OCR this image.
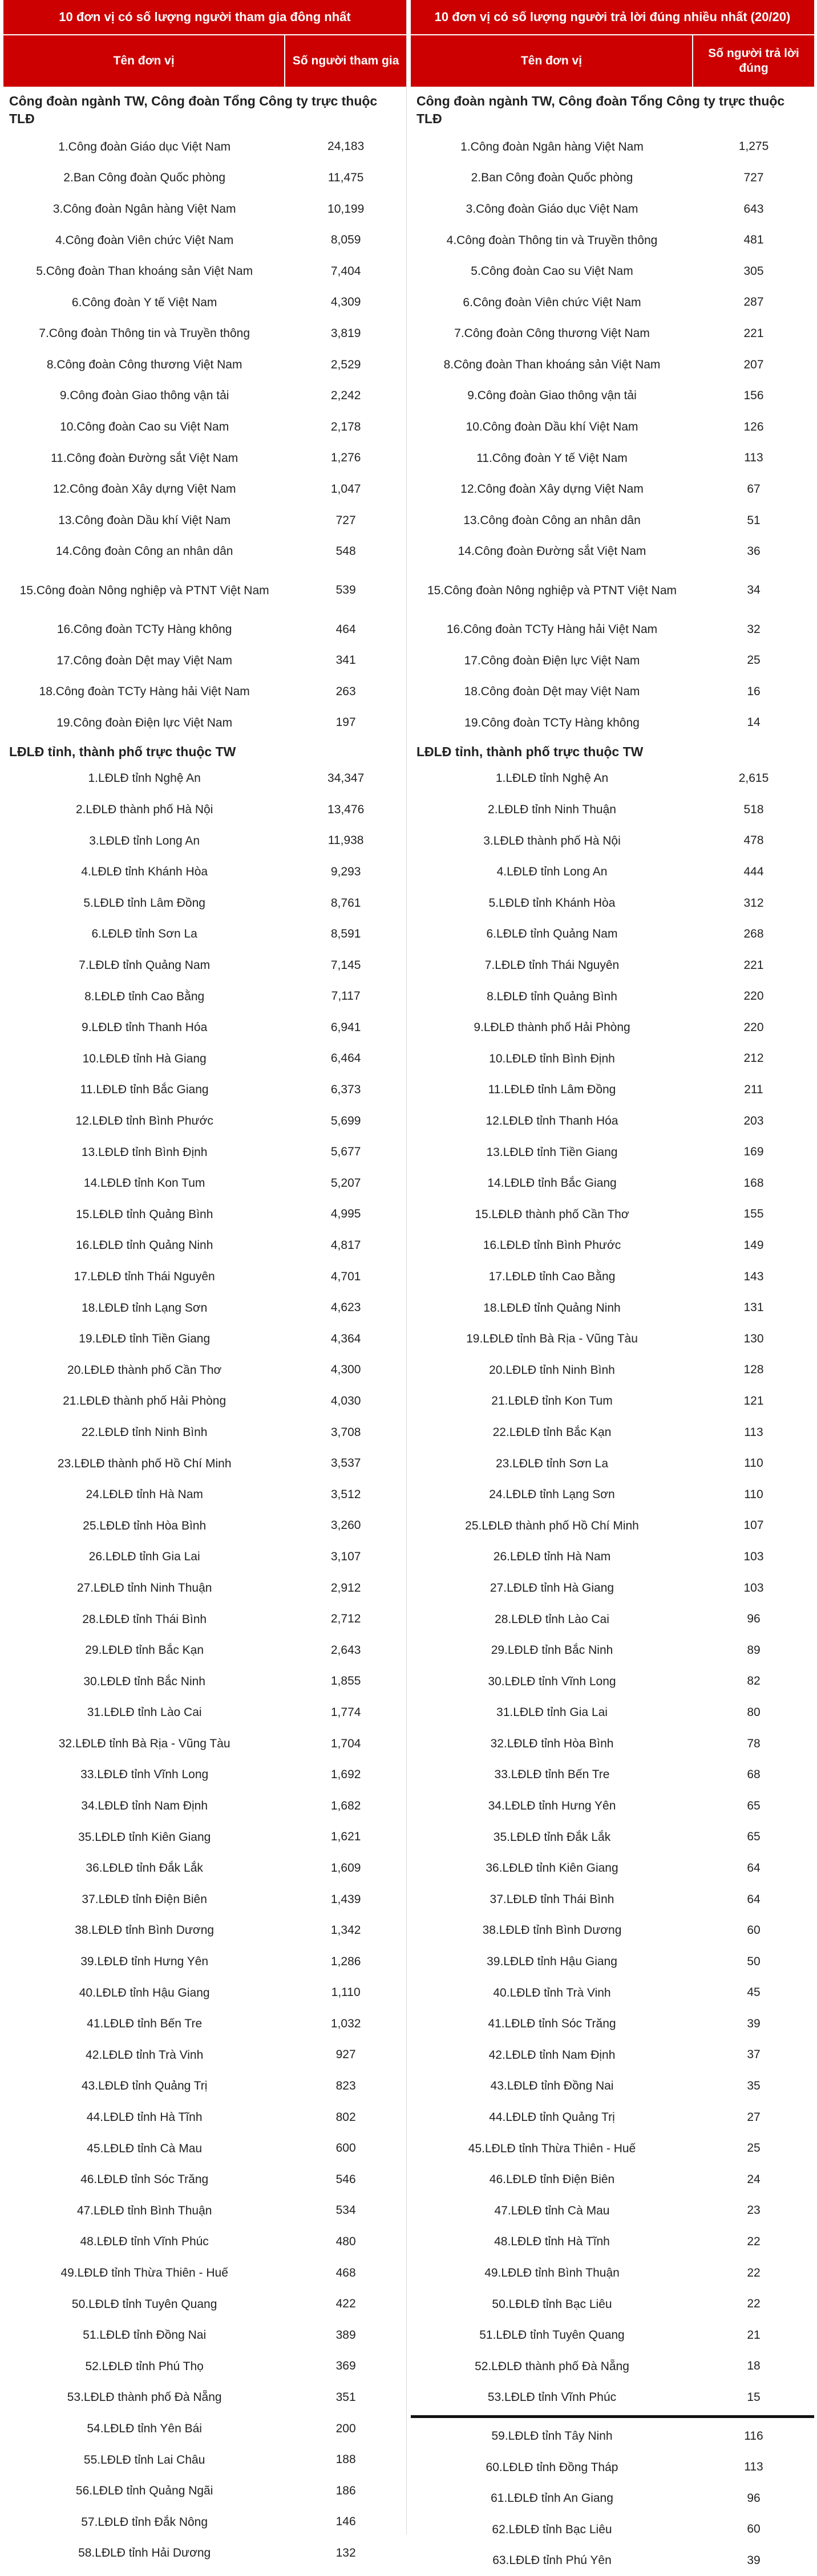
10 đơn vị có số lượng người tham gia đông nhất
Tên đơn vị	Số người tham gia
Công đoàn ngành TW, Công đoàn Tổng Công ty trực thuộc TLĐ
1.Công đoàn Giáo dục Việt Nam	24,183
2.Ban Công đoàn Quốc phòng	11,475
3.Công đoàn Ngân hàng Việt Nam	10,199
4.Công đoàn Viên chức Việt Nam	8,059
5.Công đoàn Than khoáng sản Việt Nam	7,404
6.Công đoàn Y tế Việt Nam	4,309
7.Công đoàn Thông tin và Truyền thông	3,819
8.Công đoàn Công thương Việt Nam	2,529
9.Công đoàn Giao thông vận tải	2,242
10.Công đoàn Cao su Việt Nam	2,178
11.Công đoàn Đường sắt Việt Nam	1,276
12.Công đoàn Xây dựng Việt Nam	1,047
13.Công đoàn Dầu khí Việt Nam	727
14.Công đoàn Công an nhân dân	548
15.Công đoàn Nông nghiệp và PTNT Việt Nam	539
16.Công đoàn TCTy Hàng không	464
17.Công đoàn Dệt may Việt Nam	341
18.Công đoàn TCTy Hàng hải Việt Nam	263
19.Công đoàn Điện lực Việt Nam	197
LĐLĐ tỉnh, thành phố trực thuộc TW
1.LĐLĐ tỉnh Nghệ An	34,347
2.LĐLĐ thành phố Hà Nội	13,476
3.LĐLĐ tỉnh Long An	11,938
4.LĐLĐ tỉnh Khánh Hòa	9,293
5.LĐLĐ tỉnh Lâm Đồng	8,761
6.LĐLĐ tỉnh Sơn La	8,591
7.LĐLĐ tỉnh Quảng Nam	7,145
8.LĐLĐ tỉnh Cao Bằng	7,117
9.LĐLĐ tỉnh Thanh Hóa	6,941
10.LĐLĐ tỉnh Hà Giang	6,464
11.LĐLĐ tỉnh Bắc Giang	6,373
12.LĐLĐ tỉnh Bình Phước	5,699
13.LĐLĐ tỉnh Bình Định	5,677
14.LĐLĐ tỉnh Kon Tum	5,207
15.LĐLĐ tỉnh Quảng Bình	4,995
16.LĐLĐ tỉnh Quảng Ninh	4,817
17.LĐLĐ tỉnh Thái Nguyên	4,701
18.LĐLĐ tỉnh Lạng Sơn	4,623
19.LĐLĐ tỉnh Tiền Giang	4,364
20.LĐLĐ thành phố Cần Thơ	4,300
21.LĐLĐ thành phố Hải Phòng	4,030
22.LĐLĐ tỉnh Ninh Bình	3,708
23.LĐLĐ thành phố Hồ Chí Minh	3,537
24.LĐLĐ tỉnh Hà Nam	3,512
25.LĐLĐ tỉnh Hòa Bình	3,260
26.LĐLĐ tỉnh Gia Lai	3,107
27.LĐLĐ tỉnh Ninh Thuận	2,912
28.LĐLĐ tỉnh Thái Bình	2,712
29.LĐLĐ tỉnh Bắc Kạn	2,643
30.LĐLĐ tỉnh Bắc Ninh	1,855
31.LĐLĐ tỉnh Lào Cai	1,774
32.LĐLĐ tỉnh Bà Rịa - Vũng Tàu	1,704
33.LĐLĐ tỉnh Vĩnh Long	1,692
34.LĐLĐ tỉnh Nam Định	1,682
35.LĐLĐ tỉnh Kiên Giang	1,621
36.LĐLĐ tỉnh Đắk Lắk	1,609
37.LĐLĐ tỉnh Điện Biên	1,439
38.LĐLĐ tỉnh Bình Dương	1,342
39.LĐLĐ tỉnh Hưng Yên	1,286
40.LĐLĐ tỉnh Hậu Giang	1,110
41.LĐLĐ tỉnh Bến Tre	1,032
42.LĐLĐ tỉnh Trà Vinh	927
43.LĐLĐ tỉnh Quảng Trị	823
44.LĐLĐ tỉnh Hà Tĩnh	802
45.LĐLĐ tỉnh Cà Mau	600
46.LĐLĐ tỉnh Sóc Trăng	546
47.LĐLĐ tỉnh Bình Thuận	534
48.LĐLĐ tỉnh Vĩnh Phúc	480
49.LĐLĐ tỉnh Thừa Thiên - Huế	468
50.LĐLĐ tỉnh Tuyên Quang	422
51.LĐLĐ tỉnh Đồng Nai	389
52.LĐLĐ tỉnh Phú Thọ	369
53.LĐLĐ thành phố Đà Nẵng	351
54.LĐLĐ tỉnh Yên Bái	200
55.LĐLĐ tỉnh Lai Châu	188
56.LĐLĐ tỉnh Quảng Ngãi	186
57.LĐLĐ tỉnh Đắk Nông	146
58.LĐLĐ tỉnh Hải Dương	132
10 đơn vị có số lượng người trả lời đúng nhiều nhất (20/20)
Tên đơn vị
Số người trả lời đúng
Công đoàn ngành TW, Công đoàn Tổng Công ty trực thuộc TLĐ
1.Công đoàn Ngân hàng Việt Nam	1,275
2.Ban Công đoàn Quốc phòng	727
3.Công đoàn Giáo dục Việt Nam	643
4.Công đoàn Thông tin và Truyền thông	481
5.Công đoàn Cao su Việt Nam	305
6.Công đoàn Viên chức Việt Nam	287
7.Công đoàn Công thương Việt Nam	221
8.Công đoàn Than khoáng sản Việt Nam	207
9.Công đoàn Giao thông vận tải	156
10.Công đoàn Dầu khí Việt Nam	126
11.Công đoàn Y tế Việt Nam	113
12.Công đoàn Xây dựng Việt Nam	67
13.Công đoàn Công an nhân dân	51
14.Công đoàn Đường sắt Việt Nam	36
15.Công đoàn Nông nghiệp và PTNT Việt Nam	34
16.Công đoàn TCTy Hàng hải Việt Nam	32
17.Công đoàn Điện lực Việt Nam	25
18.Công đoàn Dệt may Việt Nam	16
19.Công đoàn TCTy Hàng không	14
LĐLĐ tỉnh, thành phố trực thuộc TW
1.LĐLĐ tỉnh Nghệ An	2,615
2.LĐLĐ tỉnh Ninh Thuận	518
3.LĐLĐ thành phố Hà Nội	478
4.LĐLĐ tỉnh Long An	444
5.LĐLĐ tỉnh Khánh Hòa	312
6.LĐLĐ tỉnh Quảng Nam	268
7.LĐLĐ tỉnh Thái Nguyên	221
8.LĐLĐ tỉnh Quảng Bình	220
9.LĐLĐ thành phố Hải Phòng	220
10.LĐLĐ tỉnh Bình Định	212
11.LĐLĐ tỉnh Lâm Đồng	211
12.LĐLĐ tỉnh Thanh Hóa	203
13.LĐLĐ tỉnh Tiền Giang	169
14.LĐLĐ tỉnh Bắc Giang	168
15.LĐLĐ thành phố Cần Thơ	155
16.LĐLĐ tỉnh Bình Phước	149
17.LĐLĐ tỉnh Cao Bằng	143
18.LĐLĐ tỉnh Quảng Ninh	131
19.LĐLĐ tỉnh Bà Rịa - Vũng Tàu	130
20.LĐLĐ tỉnh Ninh Bình	128
21.LĐLĐ tỉnh Kon Tum	121
22.LĐLĐ tỉnh Bắc Kạn	113
23.LĐLĐ tỉnh Sơn La	110
24.LĐLĐ tỉnh Lạng Sơn	110
25.LĐLĐ thành phố Hồ Chí Minh	107
26.LĐLĐ tỉnh Hà Nam	103
27.LĐLĐ tỉnh Hà Giang	103
28.LĐLĐ tỉnh Lào Cai	96
29.LĐLĐ tỉnh Bắc Ninh	89
30.LĐLĐ tỉnh Vĩnh Long	82
31.LĐLĐ tỉnh Gia Lai	80
32.LĐLĐ tỉnh Hòa Bình	78
33.LĐLĐ tỉnh Bến Tre	68
34.LĐLĐ tỉnh Hưng Yên	65
35.LĐLĐ tỉnh Đắk Lắk	65
36.LĐLĐ tỉnh Kiên Giang	64
37.LĐLĐ tỉnh Thái Bình	64
38.LĐLĐ tỉnh Bình Dương	60
39.LĐLĐ tỉnh Hậu Giang	50
40.LĐLĐ tỉnh Trà Vinh	45
41.LĐLĐ tỉnh Sóc Trăng	39
42.LĐLĐ tỉnh Nam Định	37
43.LĐLĐ tỉnh Đồng Nai	35
44.LĐLĐ tỉnh Quảng Trị	27
45.LĐLĐ tỉnh Thừa Thiên - Huế	25
46.LĐLĐ tỉnh Điện Biên	24
47.LĐLĐ tỉnh Cà Mau	23
48.LĐLĐ tỉnh Hà Tĩnh	22
49.LĐLĐ tỉnh Bình Thuận	22
50.LĐLĐ tỉnh Bạc Liêu	22
51.LĐLĐ tỉnh Tuyên Quang	21
52.LĐLĐ thành phố Đà Nẵng	18
53.LĐLĐ tỉnh Vĩnh Phúc	15
59.LĐLĐ tỉnh Tây Ninh	116
60.LĐLĐ tỉnh Đồng Tháp	113
61.LĐLĐ tỉnh An Giang	96
62.LĐLĐ tỉnh Bạc Liêu	60
63.LĐLĐ tỉnh Phú Yên	39
